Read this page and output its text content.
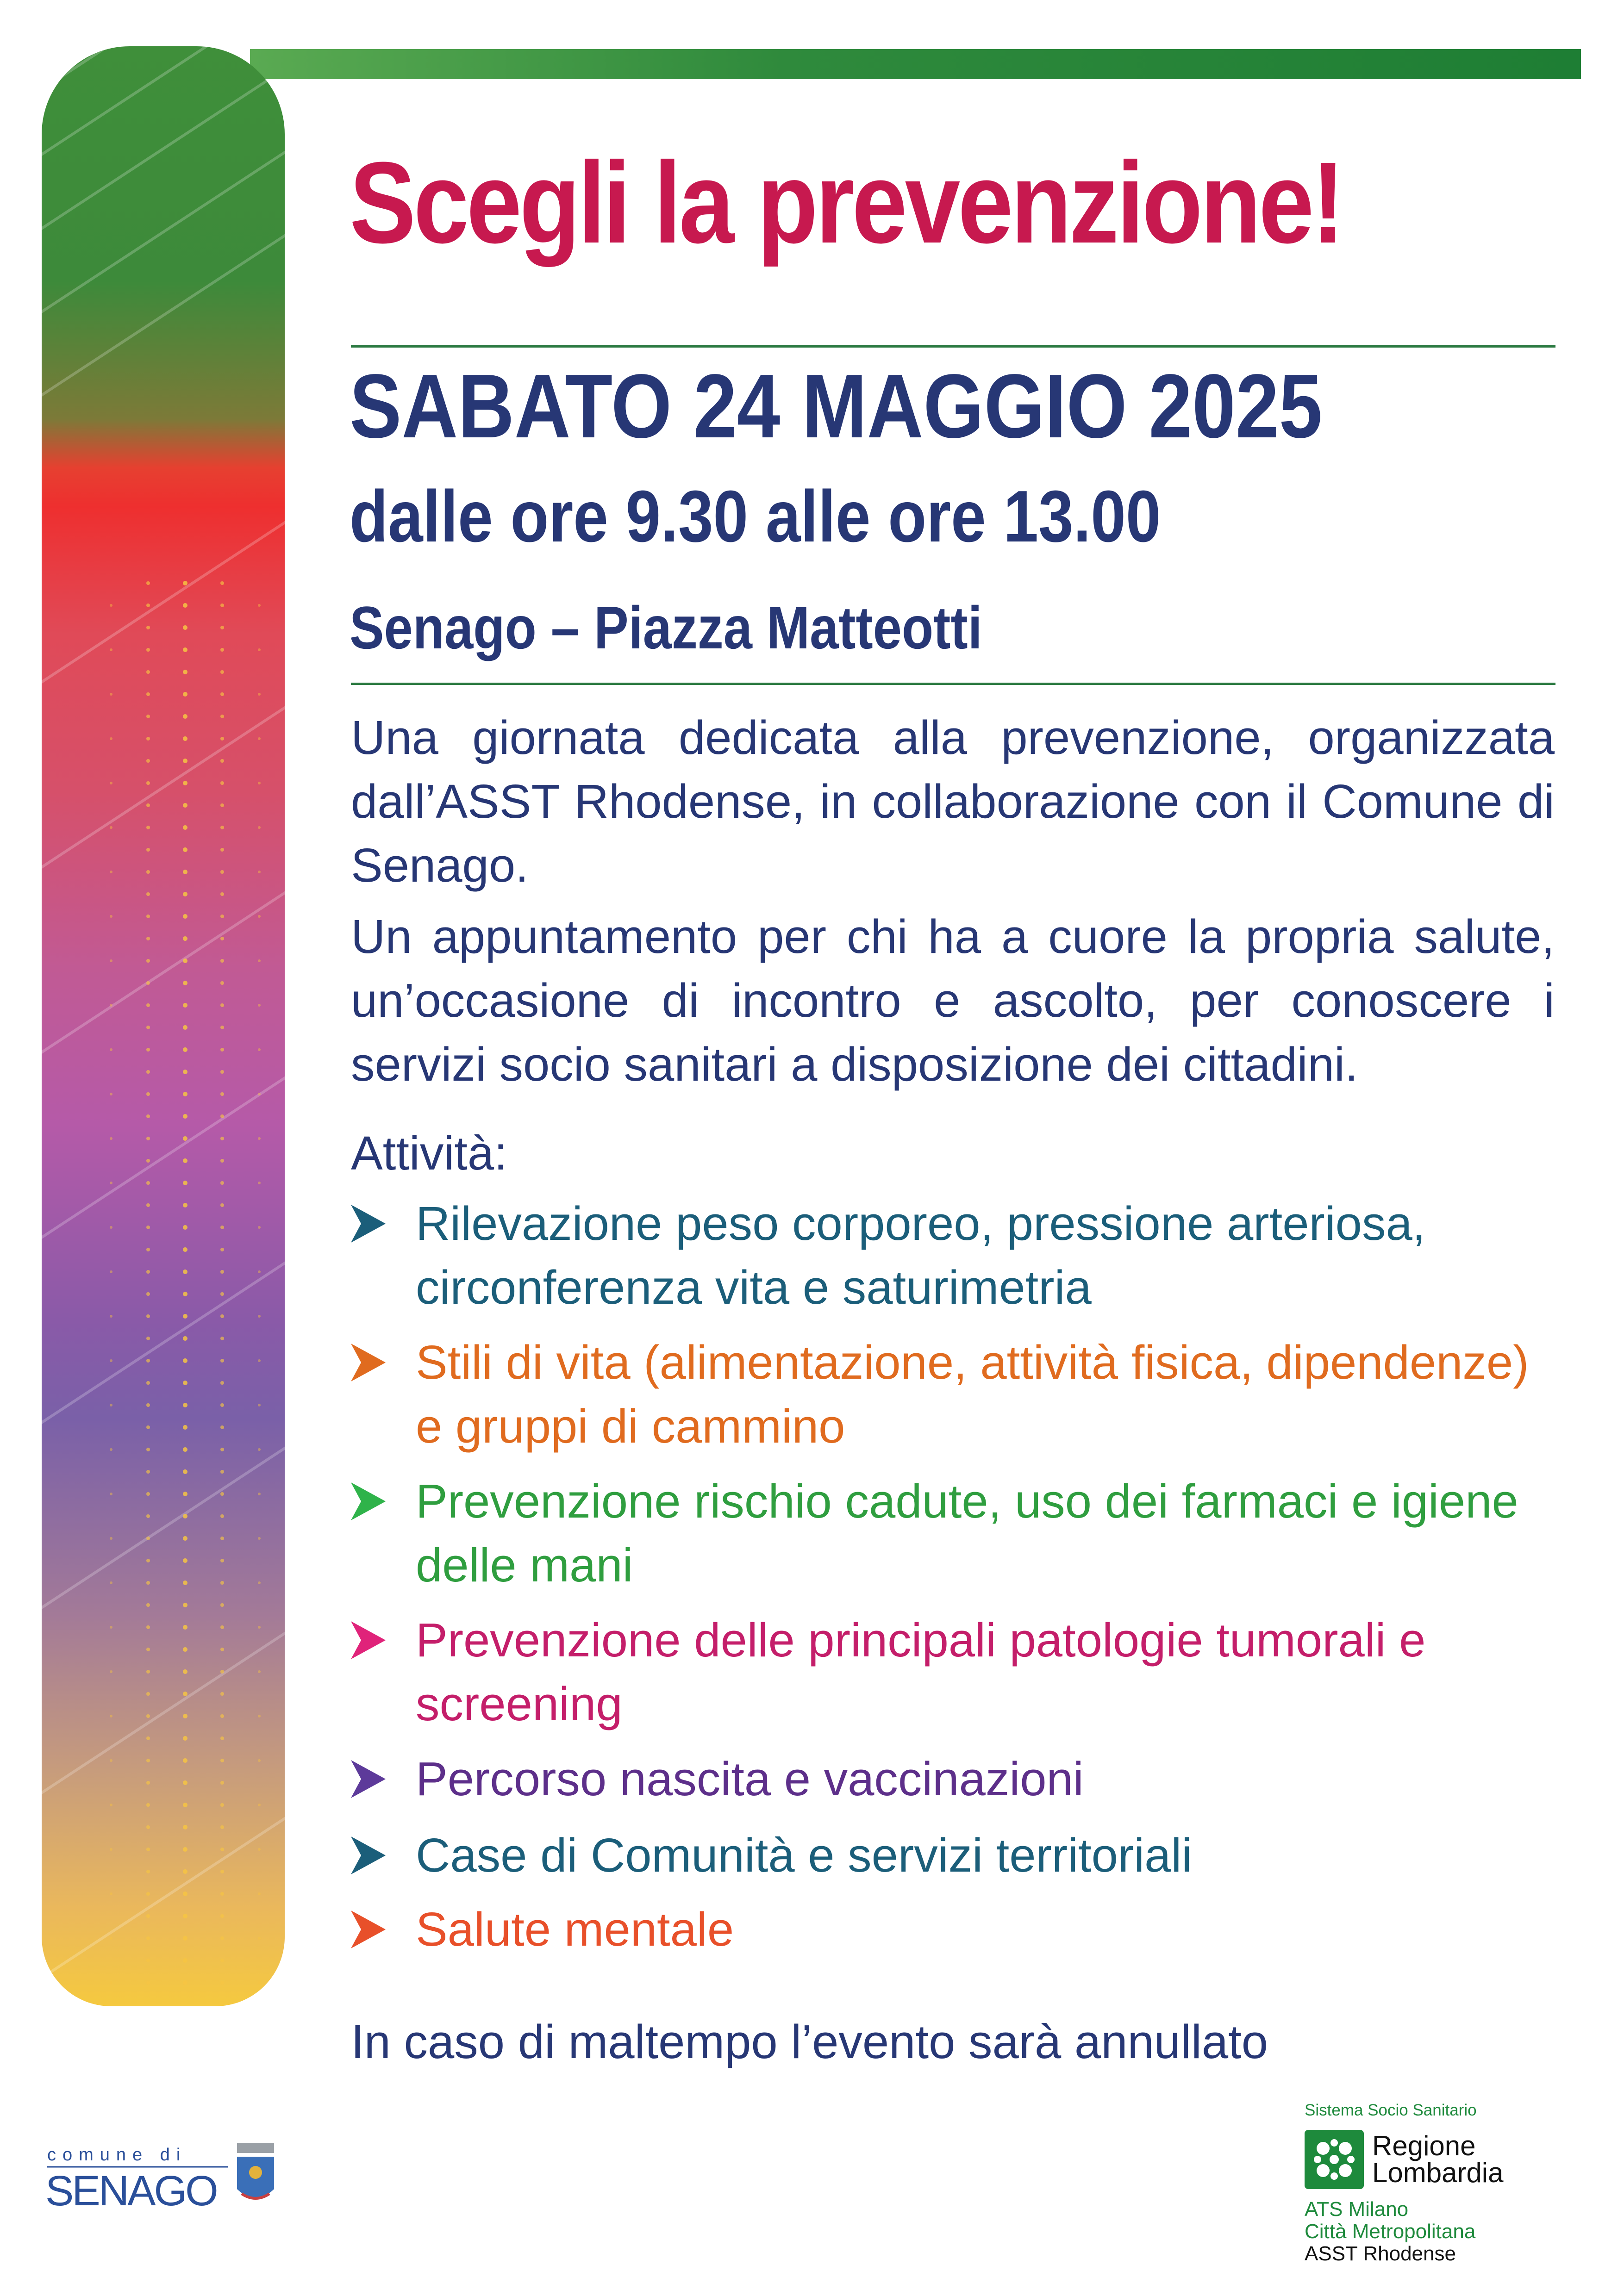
Scegli la prevenzione!
SABATO 24 MAGGIO 2025
dalle ore 9.30 alle ore 13.00
Senago – Piazza Matteotti

Una giornata dedicata alla prevenzione, organizzata dall’ASST Rhodense, in collaborazione con il Comune di Senago.

Un appuntamento per chi ha a cuore la propria salute, un’occasione di incontro e ascolto, per conoscere i servizi socio sanitari a disposizione dei cittadini.

Attività:

Rilevazione peso corporeo, pressione arteriosa, circonferenza vita e saturimetria
Stili di vita (alimentazione, attività fisica, dipendenze) e gruppi di cammino
Prevenzione rischio cadute, uso dei farmaci e igiene delle mani
Prevenzione delle principali patologie tumorali e screening
Percorso nascita e vaccinazioni
Case di Comunità e servizi territoriali
Salute mentale

In caso di maltempo l’evento sarà annullato

comune di
SENAGO

Sistema Socio Sanitario

Regione
Lombardia
ATS Milano
Città Metropolitana
ASST Rhodense
